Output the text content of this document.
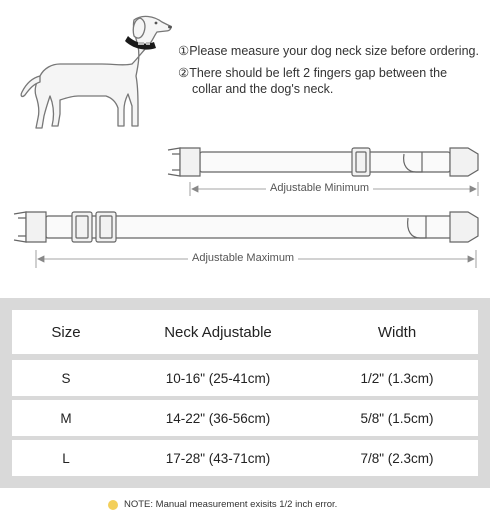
①Please measure your dog neck size before ordering.
②There should be left 2 fingers gap between the
collar and the dog's neck.
Adjustable Minimum
Adjustable Maximum
Size	Neck Adjustable	Width
S	10-16" (25-41cm)	1/2" (1.3cm)
M	14-22" (36-56cm)	5/8" (1.5cm)
L	17-28" (43-71cm)	7/8" (2.3cm)
NOTE: Manual measurement exisits 1/2 inch error.
